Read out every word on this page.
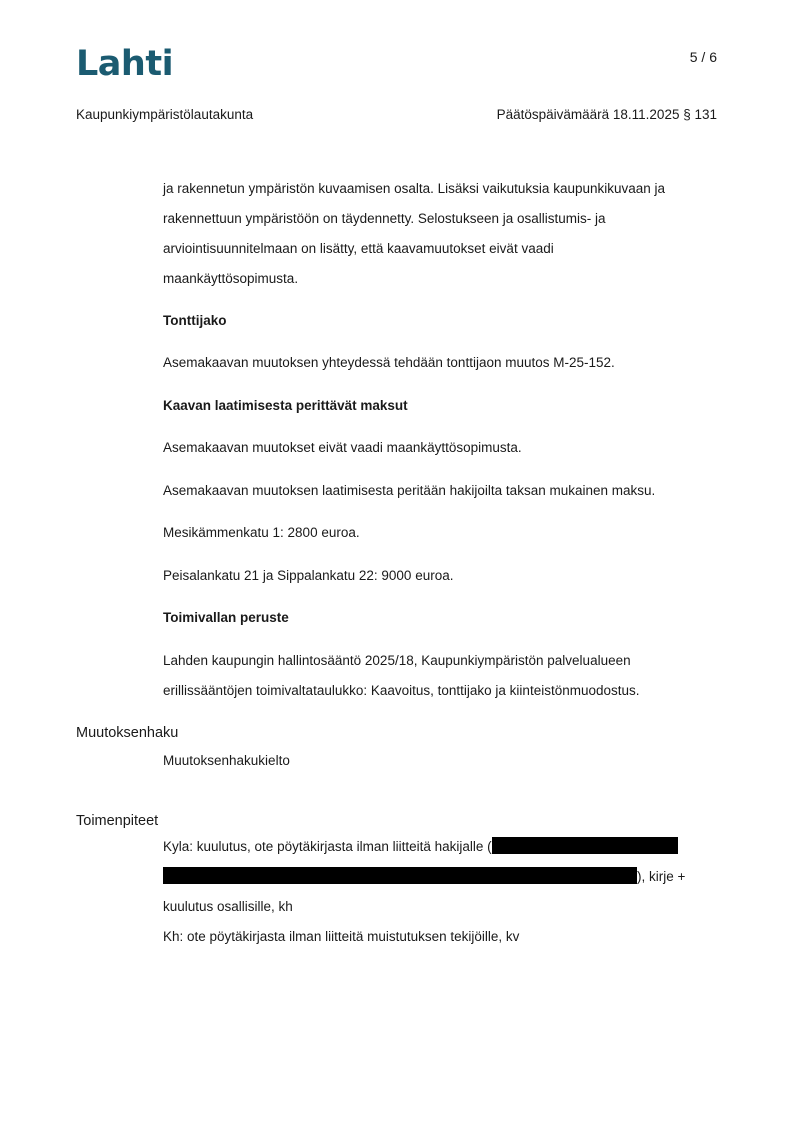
Lahti	5 / 6
Kaupunkiympäristölautakunta	Päätöspäivämäärä 18.11.2025 § 131

ja rakennetun ympäristön kuvaamisen osalta. Lisäksi vaikutuksia kaupunkikuvaan ja

rakennettuun ympäristöön on täydennetty. Selostukseen ja osallistumis- ja

arviointisuunnitelmaan on lisätty, että kaavamuutokset eivät vaadi

maankäyttösopimusta.

Tonttijako

Asemakaavan muutoksen yhteydessä tehdään tonttijaon muutos M-25-152.

Kaavan laatimisesta perittävät maksut

Asemakaavan muutokset eivät vaadi maankäyttösopimusta.

Asemakaavan muutoksen laatimisesta peritään hakijoilta taksan mukainen maksu.

Mesikämmenkatu 1: 2800 euroa.

Peisalankatu 21 ja Sippalankatu 22: 9000 euroa.

Toimivallan peruste

Lahden kaupungin hallintosääntö 2025/18, Kaupunkiympäristön palvelualueen

erillissääntöjen toimivaltataulukko: Kaavoitus, tonttijako ja kiinteistönmuodostus.

Muutoksenhaku

Muutoksenhakukielto

Toimenpiteet

Kyla: kuulutus, ote pöytäkirjasta ilman liitteitä hakijalle (

), kirje +

kuulutus osallisille, kh

Kh: ote pöytäkirjasta ilman liitteitä muistutuksen tekijöille, kv
